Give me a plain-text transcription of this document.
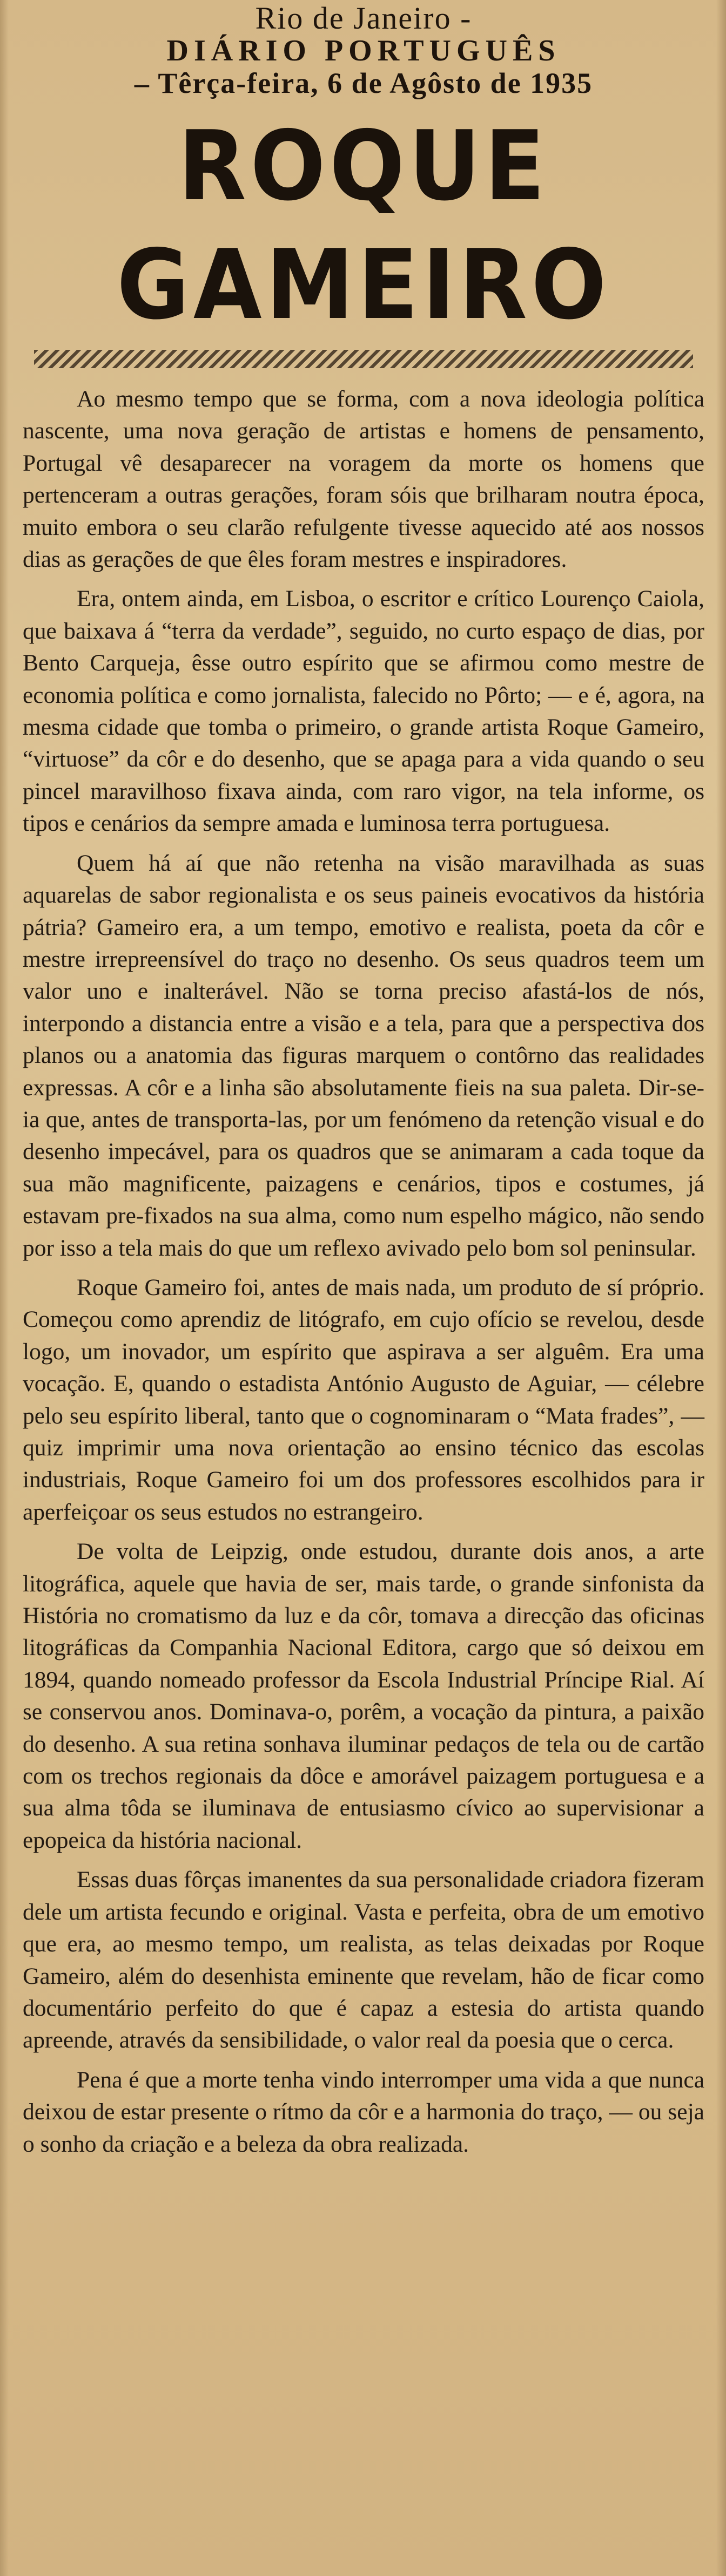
Rio de Janeiro -

DIÁRIO PORTUGUÊS

– Têrça-feira, 6 de Agôsto de 1935

ROQUE GAMEIRO

Ao mesmo tempo que se forma, com a nova ideologia política nascente, uma nova geração de artistas e homens de pensamento, Portugal vê desaparecer na voragem da morte os homens que pertenceram a outras gerações, foram sóis que brilharam noutra época, muito embora o seu clarão refulgente tivesse aquecido até aos nossos dias as gerações de que êles foram mestres e inspiradores.

Era, ontem ainda, em Lisboa, o escritor e crítico Lourenço Caiola, que baixava á “terra da verdade”, seguido, no curto espaço de dias, por Bento Carqueja, êsse outro espírito que se afirmou como mestre de economia política e como jornalista, falecido no Pôrto; — e é, agora, na mesma cidade que tomba o primeiro, o grande artista Roque Gameiro, “virtuose” da côr e do desenho, que se apaga para a vida quando o seu pincel maravilhoso fixava ainda, com raro vigor, na tela informe, os tipos e cenários da sempre amada e luminosa terra portuguesa.

Quem há aí que não retenha na visão maravilhada as suas aquarelas de sabor regionalista e os seus paineis evocativos da história pátria? Gameiro era, a um tempo, emotivo e realista, poeta da côr e mestre irrepreensível do traço no desenho. Os seus quadros teem um valor uno e inalterável. Não se torna preciso afastá-los de nós, interpondo a distancia entre a visão e a tela, para que a perspectiva dos planos ou a anatomia das figuras marquem o contôrno das realidades expressas. A côr e a linha são absolutamente fieis na sua paleta. Dir-se-ia que, antes de transporta-las, por um fenómeno da retenção visual e do desenho impecável, para os quadros que se animaram a cada toque da sua mão magnificente, paizagens e cenários, tipos e costumes, já estavam pre-fixados na sua alma, como num espelho mágico, não sendo por isso a tela mais do que um reflexo avivado pelo bom sol peninsular.

Roque Gameiro foi, antes de mais nada, um produto de sí próprio. Começou como aprendiz de litógrafo, em cujo ofício se revelou, desde logo, um inovador, um espírito que aspirava a ser alguêm. Era uma vocação. E, quando o estadista António Augusto de Aguiar, — célebre pelo seu espírito liberal, tanto que o cognominaram o “Mata frades”, — quiz imprimir uma nova orientação ao ensino técnico das escolas industriais, Roque Gameiro foi um dos professores escolhidos para ir aperfeiçoar os seus estudos no estrangeiro.

De volta de Leipzig, onde estudou, durante dois anos, a arte litográfica, aquele que havia de ser, mais tarde, o grande sinfonista da História no cromatismo da luz e da côr, tomava a direcção das oficinas litográficas da Companhia Nacional Editora, cargo que só deixou em 1894, quando nomeado professor da Escola Industrial Príncipe Rial. Aí se conservou anos. Dominava-o, porêm, a vocação da pintura, a paixão do desenho. A sua retina sonhava iluminar pedaços de tela ou de cartão com os trechos regionais da dôce e amorável paizagem portuguesa e a sua alma tôda se iluminava de entusiasmo cívico ao supervisionar a epopeica da história nacional.

Essas duas fôrças imanentes da sua personalidade criadora fizeram dele um artista fecundo e original. Vasta e perfeita, obra de um emotivo que era, ao mesmo tempo, um realista, as telas deixadas por Roque Gameiro, além do desenhista eminente que revelam, hão de ficar como documentário perfeito do que é capaz a estesia do artista quando apreende, através da sensibilidade, o valor real da poesia que o cerca.

Pena é que a morte tenha vindo interromper uma vida a que nunca deixou de estar presente o rítmo da côr e a harmonia do traço, — ou seja o sonho da criação e a beleza da obra realizada.
